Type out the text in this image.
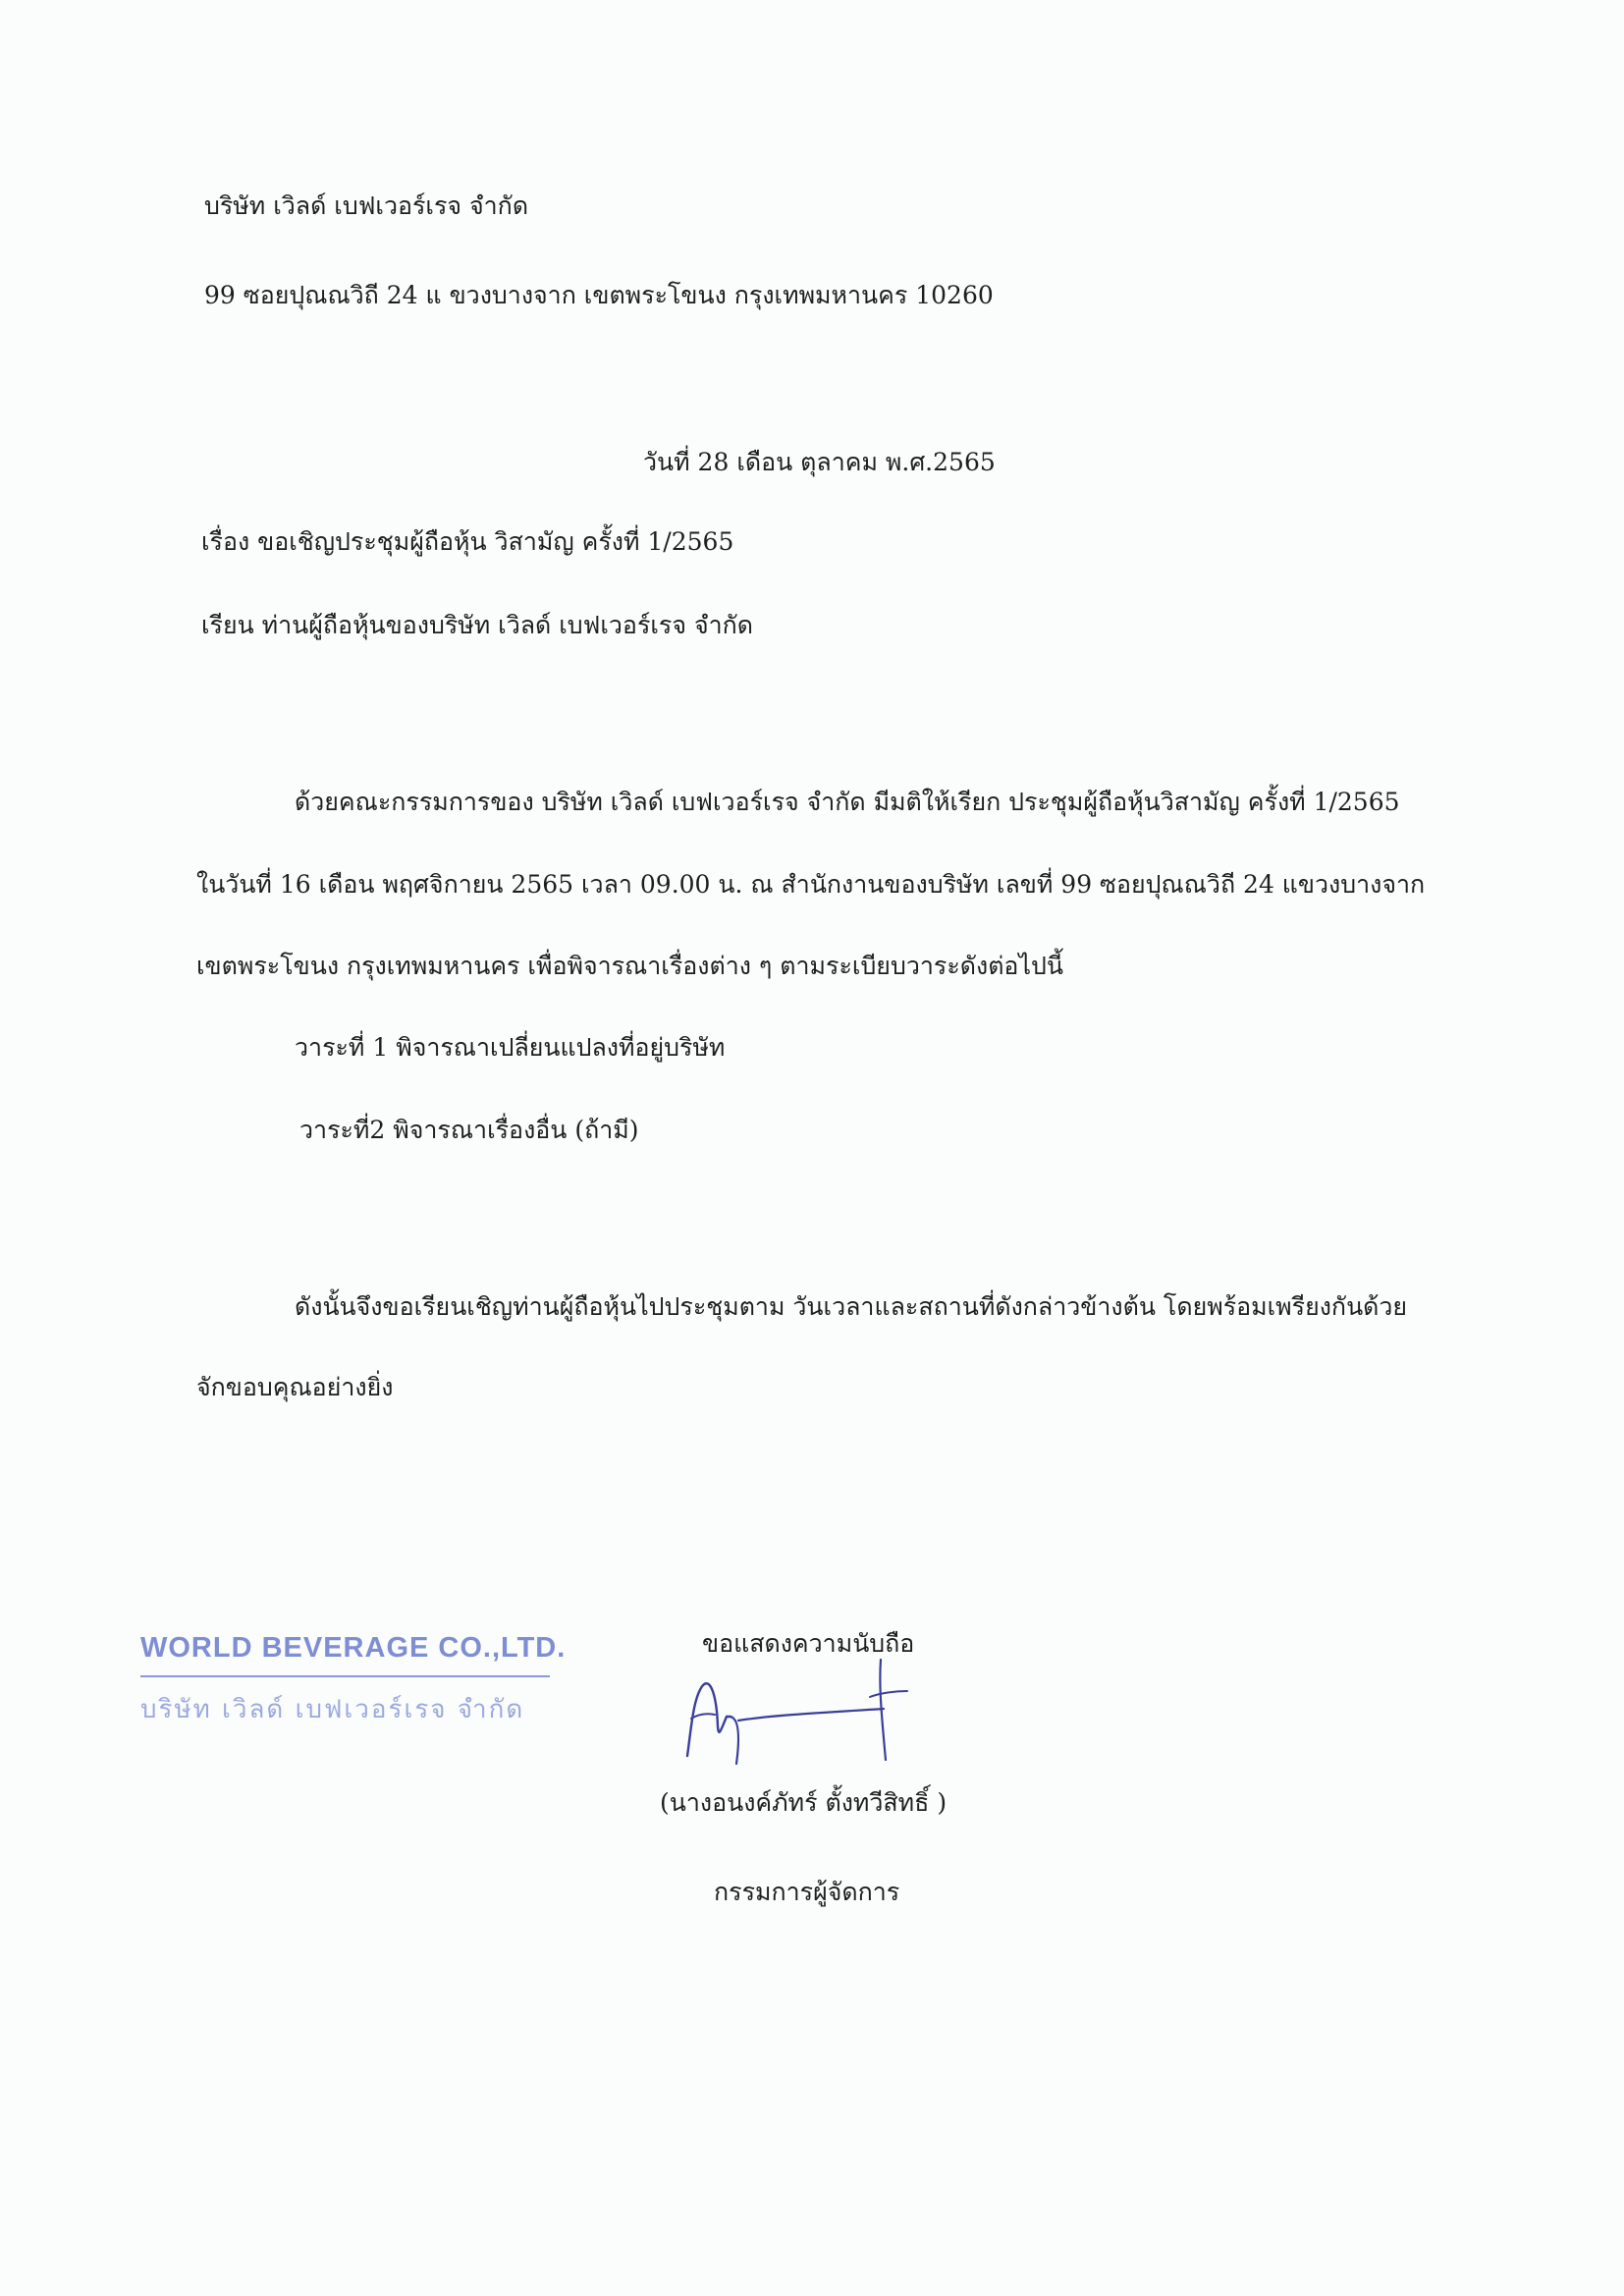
บริษัท เวิลด์ เบฟเวอร์เรจ จำกัด
99 ซอยปุณณวิถี 24 แ ขวงบางจาก เขตพระโขนง กรุงเทพมหานคร 10260
วันที่ 28 เดือน ตุลาคม พ.ศ.2565
เรื่อง ขอเชิญประชุมผู้ถือหุ้น วิสามัญ ครั้งที่ 1/2565
เรียน ท่านผู้ถือหุ้นของบริษัท เวิลด์ เบฟเวอร์เรจ จำกัด
ด้วยคณะกรรมการของ บริษัท เวิลด์ เบฟเวอร์เรจ จำกัด มีมติให้เรียก ประชุมผู้ถือหุ้นวิสามัญ ครั้งที่ 1/2565
ในวันที่ 16 เดือน พฤศจิกายน 2565 เวลา 09.00 น. ณ สำนักงานของบริษัท เลขที่ 99 ซอยปุณณวิถี 24 แขวงบางจาก
เขตพระโขนง กรุงเทพมหานคร เพื่อพิจารณาเรื่องต่าง ๆ ตามระเบียบวาระดังต่อไปนี้
วาระที่ 1 พิจารณาเปลี่ยนแปลงที่อยู่บริษัท
วาระที่2 พิจารณาเรื่องอื่น (ถ้ามี)
ดังนั้นจึงขอเรียนเชิญท่านผู้ถือหุ้นไปประชุมตาม วันเวลาและสถานที่ดังกล่าวข้างต้น โดยพร้อมเพรียงกันด้วย
จักขอบคุณอย่างยิ่ง
ขอแสดงความนับถือ
WORLD BEVERAGE CO.,LTD.
บริษัท เวิลด์ เบฟเวอร์เรจ จำกัด
(นางอนงค์ภัทร์ ตั้งทวีสิทธิ์ )
กรรมการผู้จัดการ
